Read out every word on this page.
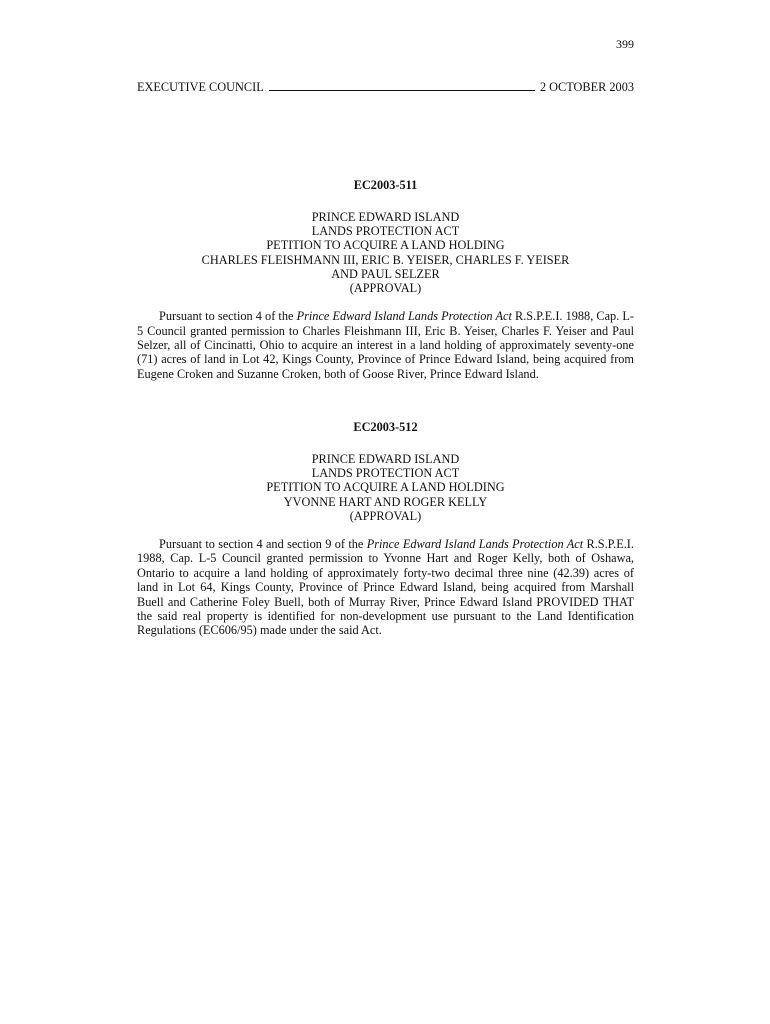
399
EXECUTIVE COUNCIL	2 OCTOBER 2003
EC2003-511
PRINCE EDWARD ISLAND
LANDS PROTECTION ACT
PETITION TO ACQUIRE A LAND HOLDING
CHARLES FLEISHMANN III, ERIC B. YEISER, CHARLES F. YEISER
AND PAUL SELZER
(APPROVAL)

Pursuant to section 4 of the Prince Edward Island Lands Protection Act R.S.P.E.I. 1988, Cap. L-5 Council granted permission to Charles Fleishmann III, Eric B. Yeiser, Charles F. Yeiser and Paul Selzer, all of Cincinatti, Ohio to acquire an interest in a land holding of approximately seventy-one (71) acres of land in Lot 42, Kings County, Province of Prince Edward Island, being acquired from Eugene Croken and Suzanne Croken, both of Goose River, Prince Edward Island.

EC2003-512
PRINCE EDWARD ISLAND
LANDS PROTECTION ACT
PETITION TO ACQUIRE A LAND HOLDING
YVONNE HART AND ROGER KELLY
(APPROVAL)

Pursuant to section 4 and section 9 of the Prince Edward Island Lands Protection Act R.S.P.E.I. 1988, Cap. L-5 Council granted permission to Yvonne Hart and Roger Kelly, both of Oshawa, Ontario to acquire a land holding of approximately forty-two decimal three nine (42.39) acres of land in Lot 64, Kings County, Province of Prince Edward Island, being acquired from Marshall Buell and Catherine Foley Buell, both of Murray River, Prince Edward Island PROVIDED THAT the said real property is identified for non-development use pursuant to the Land Identification Regulations (EC606/95) made under the said Act.
